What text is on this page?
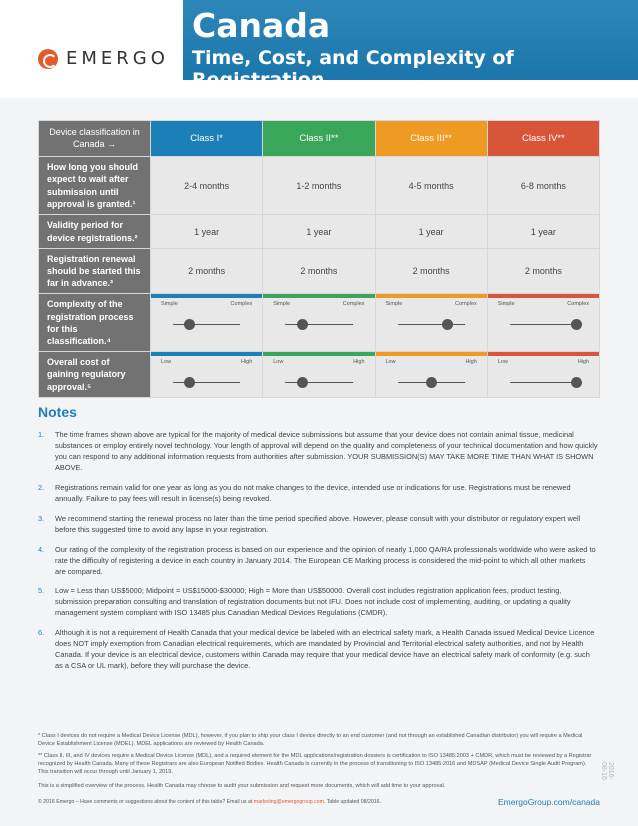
EMERGO
Canada
Time, Cost, and Complexity of Registration
Device classification in Canada →	Class I*	Class II**	Class III**	Class IV**
How long you should expect to wait after submission until approval is granted.¹	2-4 months	1-2 months	4-5 months	6-8 months
Validity period for device registrations.²	1 year	1 year	1 year	1 year
Registration renewal should be started this far in advance.³	2 months	2 months	2 months	2 months
Complexity of the registration process for this classification.⁴	Simple Complex	Simple Complex	Simple Complex	Simple Complex

Overall cost of gaining regulatory approval.⁵	Low High	Low High	Low High	Low High
Notes
1.	The time frames shown above are typical for the majority of medical device submissions but assume that your device does not contain animal tissue, medicinal substances or employ entirely novel technology. Your length of approval will depend on the quality and completeness of your technical documentation and how quickly you can respond to any additional information requests from authorities after submission. YOUR SUBMISSION(S) MAY TAKE MORE TIME THAN WHAT IS SHOWN ABOVE.
2.	Registrations remain valid for one year as long as you do not make changes to the device, intended use or indications for use. Registrations must be renewed annually. Failure to pay fees will result in license(s) being revoked.
3.	We recommend starting the renewal process no later than the time period specified above. However, please consult with your distributor or regulatory expert well before this suggested time to avoid any lapse in your registration.
4.	Our rating of the complexity of the registration process is based on our experience and the opinion of nearly 1,000 QA/RA professionals worldwide who were asked to rate the difficulty of registering a device in each country in January 2014. The European CE Marking process is considered the mid-point to which all other markets are compared.
5.	Low = Less than US$5000; Midpoint = US$15000-$30000; High = More than US$50000. Overall cost includes registration application fees, product testing, submission preparation consulting and translation of registration documents but not IFU. Does not include cost of implementing, auditing, or updating a quality management system compliant with ISO 13485 plus Canadian Medical Devices Regulations (CMDR).
6.	Although it is not a requirement of Health Canada that your medical device be labeled with an electrical safety mark, a Health Canada issued Medical Device Licence does NOT imply exemption from Canadian electrical requirements, which are mandated by Provincial and Territorial electrical safety authorities, and not by Health Canada. If your device is an electrical device, customers within Canada may require that your medical device have an electrical safety mark of conformity (e.g. such as a CSA or UL mark), before they will purchase the device.
* Class I devices do not require a Medical Device License (MDL), however, if you plan to ship your class I device directly to an end customer (and not through an established Canadian distributor) you will require a Medical Device Establishment License (MDEL). MDEL applications are reviewed by Health Canada.
** Class II, III, and IV devices require a Medical Device License (MDL), and a required element for the MDL applications/registration dossiers is certification to ISO 13485:2003 + CMDR, which must be reviewed by a Registrar recognized by Health Canada. Many of these Registrars are also European Notified Bodies. Health Canada is currently in the process of transitioning to ISO 13485:2016 and MDSAP (Medical Device Single Audit Program). This transition will occur through until January 1, 2019.
This is a simplified overview of the process. Health Canada may choose to audit your submission and request more documents, which will add time to your approval.
© 2016 Emergo – Have comments or suggestions about the content of this table? Email us at marketing@emergogroup.com. Table updated 08/2016.	EmergoGroup.com/canada
2016-08-16
